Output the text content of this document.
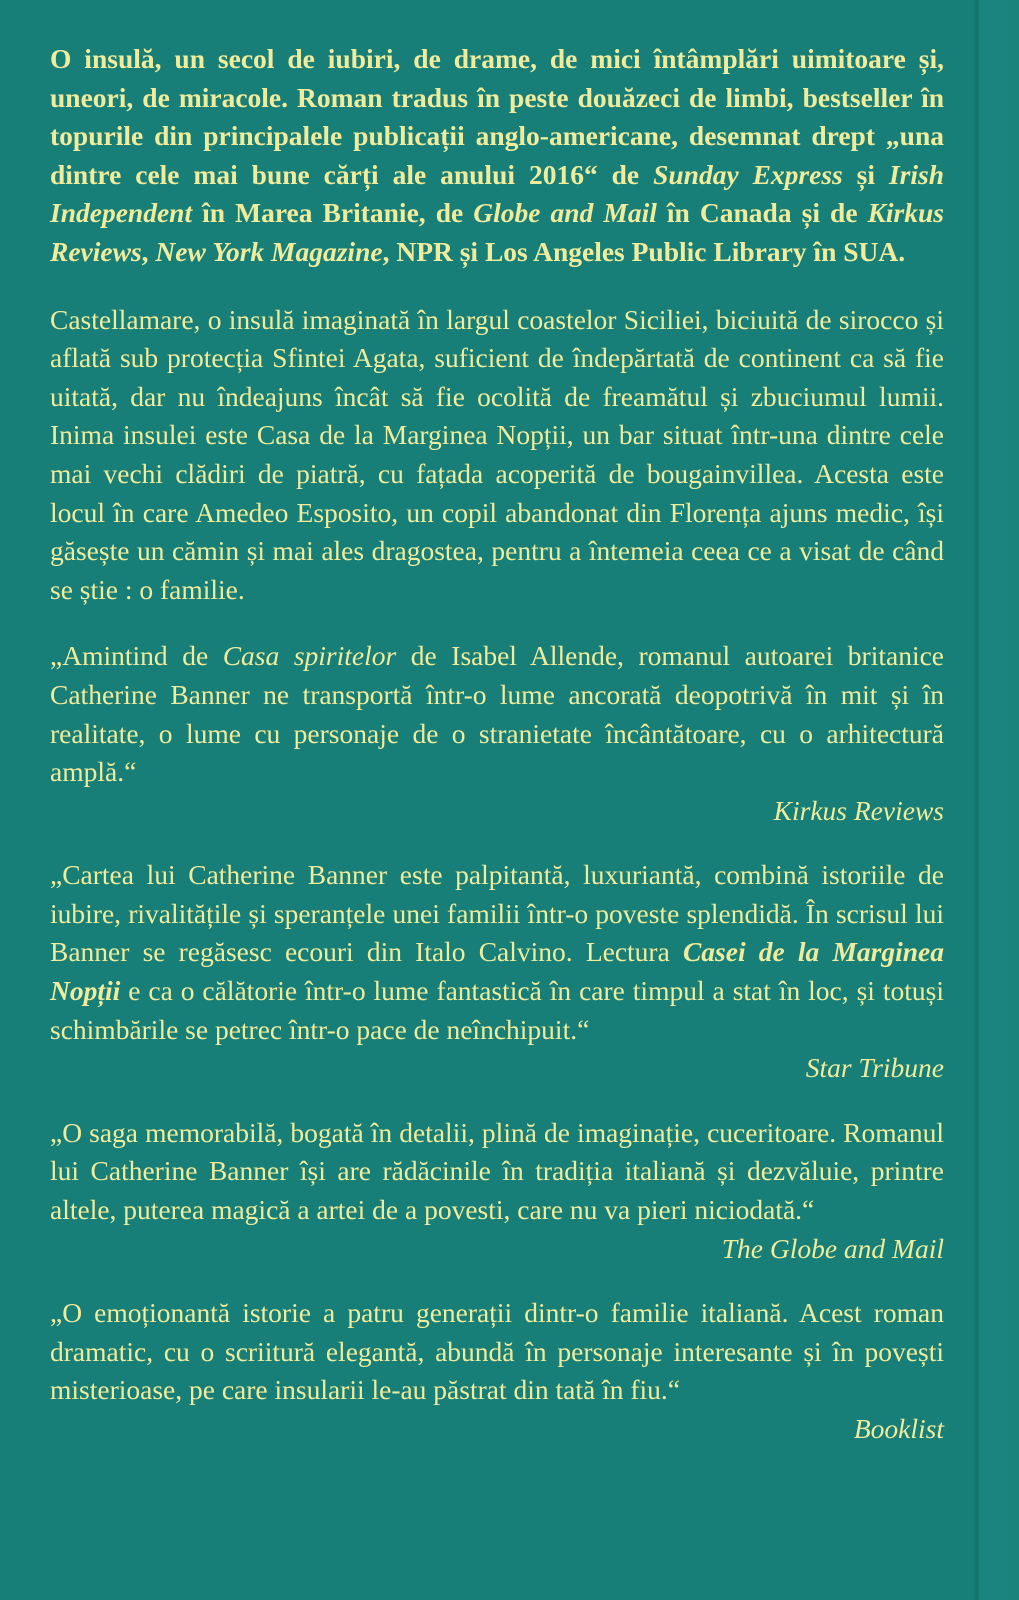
O insulă, un secol de iubiri, de drame, de mici întâmplări uimitoare și, uneori, de miracole. Roman tradus în peste douăzeci de limbi, bestseller în topurile din principalele publicații anglo-americane, desemnat drept „una dintre cele mai bune cărți ale anului 2016“ de Sunday Express și Irish Independent în Marea Britanie, de Globe and Mail în Canada și de Kirkus Reviews, New York Magazine, NPR și Los Angeles Public Library în SUA.

Castellamare, o insulă imaginată în largul coastelor Siciliei, biciuită de sirocco și aflată sub protecția Sfintei Agata, suficient de îndepărtată de continent ca să fie uitată, dar nu îndeajuns încât să fie ocolită de freamătul și zbuciumul lumii. Inima insulei este Casa de la Marginea Nopții, un bar situat într-una dintre cele mai vechi clădiri de piatră, cu fațada acoperită de bougainvillea. Acesta este locul în care Amedeo Esposito, un copil abandonat din Florența ajuns medic, își găsește un cămin și mai ales dragostea, pentru a întemeia ceea ce a visat de când se știe : o familie.

„Amintind de Casa spiritelor de Isabel Allende, romanul autoarei britanice Catherine Banner ne transportă într-o lume ancorată deopotrivă în mit și în realitate, o lume cu personaje de o stranietate încântătoare, cu o arhitectură amplă.“

Kirkus Reviews

„Cartea lui Catherine Banner este palpitantă, luxuriantă, combină istoriile de iubire, rivalitățile și speranțele unei familii într-o poveste splendidă. În scrisul lui Banner se regăsesc ecouri din Italo Calvino. Lectura Casei de la Marginea Nopții e ca o călătorie într-o lume fantastică în care timpul a stat în loc, și totuși schimbările se petrec într-o pace de neînchipuit.“

Star Tribune

„O saga memorabilă, bogată în detalii, plină de imaginație, cuceritoare. Romanul lui Catherine Banner își are rădăcinile în tradiția italiană și dezvăluie, printre altele, puterea magică a artei de a povesti, care nu va pieri niciodată.“

The Globe and Mail

„O emoționantă istorie a patru generații dintr-o familie italiană. Acest roman dramatic, cu o scriitură elegantă, abundă în personaje interesante și în povești misterioase, pe care insularii le-au păstrat din tată în fiu.“

Booklist
